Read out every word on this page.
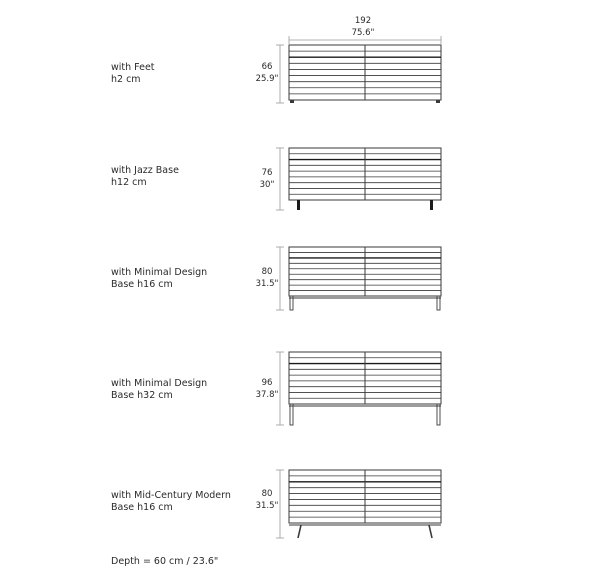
192
75.6"
with Feet
h2 cm
66
25.9"
with Jazz Base
h12 cm
76
30"
with Minimal Design
Base h16 cm
80
31.5"
with Minimal Design
Base h32 cm
96
37.8"
with Mid-Century Modern
Base h16 cm
80
31.5"
Depth = 60 cm / 23.6"
